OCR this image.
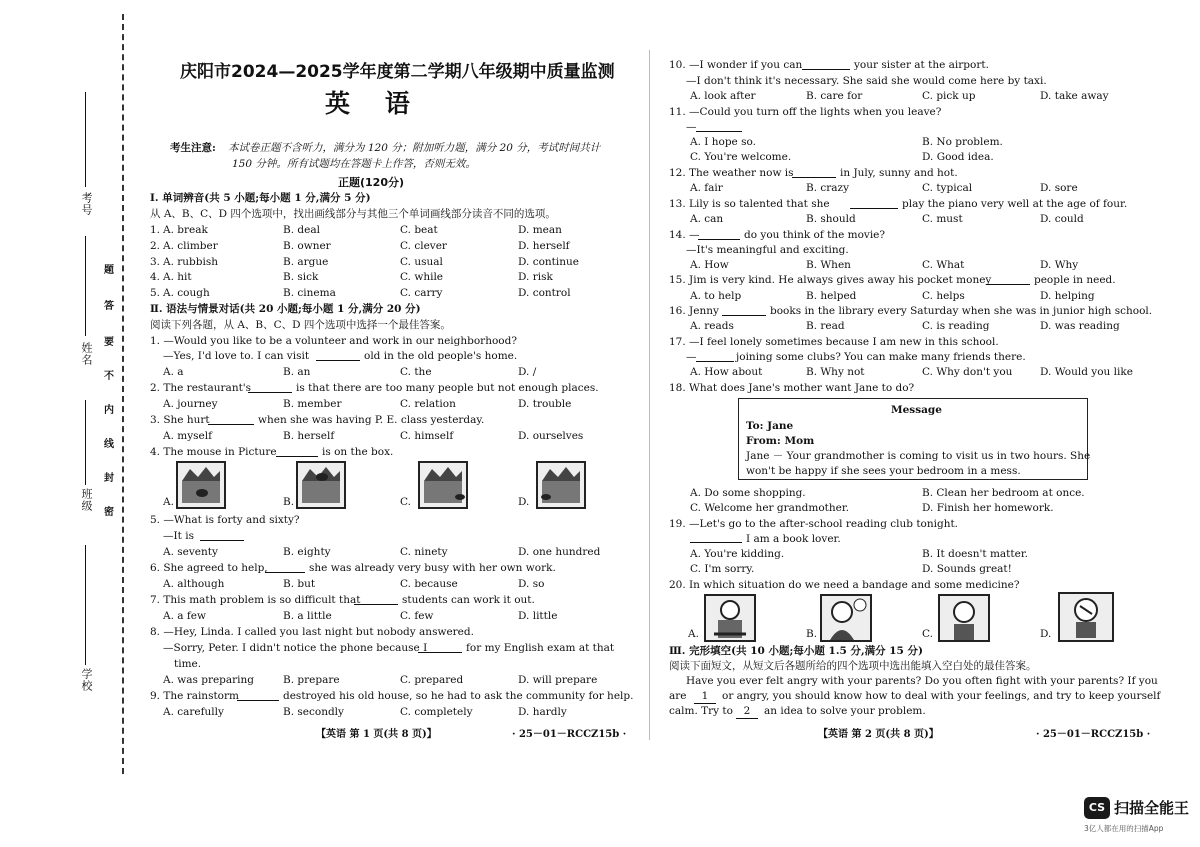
考号
姓名
班级
学校
题
答
要
不
内
线
封
密
庆阳市2024—2025学年度第二学期八年级期中质量监测
英    语
考生注意: 本试卷正题不含听力，满分为 120 分；附加听力题，满分 20 分，考试时间共计
150 分钟。所有试题均在答题卡上作答，否则无效。
正题(120分)
Ⅰ. 单词辨音(共 5 小题;每小题 1 分,满分 5 分)
从 A、B、C、D 四个选项中，找出画线部分与其他三个单词画线部分读音不同的选项。
1. A. break	B. deal	C. beat	D. mean
2. A. climber	B. owner	C. clever	D. herself
3. A. rubbish	B. argue	C. usual	D. continue
4. A. hit	B. sick	C. while	D. risk
5. A. cough	B. cinema	C. carry	D. control
Ⅱ. 语法与情景对话(共 20 小题;每小题 1 分,满分 20 分)
阅读下列各题，从 A、B、C、D 四个选项中选择一个最佳答案。
1. —Would you like to be a volunteer and work in our neighborhood?
—Yes, I'd love to. I can visit	old in the old people's home.
A. a	B. an	C. the	D. /
2. The restaurant's	is that there are too many people but not enough places.
A. journey	B. member	C. relation	D. trouble
3. She hurt	when she was having P. E. class yesterday.
A. myself	B. herself	C. himself	D. ourselves
4. The mouse in Picture	is on the box.
A.	B.	C.	D.
5. —What is forty and sixty?
—It is
A. seventy	B. eighty	C. ninety	D. one hundred
6. She agreed to help,	she was already very busy with her own work.
A. although	B. but	C. because	D. so
7. This math problem is so difficult that	students can work it out.
A. a few	B. a little	C. few	D. little
8. —Hey, Linda. I called you last night but nobody answered.
—Sorry, Peter. I didn't notice the phone because I	for my English exam at that
time.
A. was preparing	B. prepare	C. prepared	D. will prepare
9. The rainstorm	destroyed his old house, so he had to ask the community for help.
A. carefully	B. secondly	C. completely	D. hardly
【英语 第 1 页(共 8 页)】	· 25－01－RCCZ15b ·
10. —I wonder if you can	your sister at the airport.
—I don't think it's necessary. She said she would come here by taxi.
A. look after	B. care for	C. pick up	D. take away
11. —Could you turn off the lights when you leave?
—
A. I hope so.	B. No problem.
C. You're welcome.	D. Good idea.
12. The weather now is	in July, sunny and hot.
A. fair	B. crazy	C. typical	D. sore
13. Lily is so talented that she	play the piano very well at the age of four.
A. can	B. should	C. must	D. could
14. —	do you think of the movie?
—It's meaningful and exciting.
A. How	B. When	C. What	D. Why
15. Jim is very kind. He always gives away his pocket money	people in need.
A. to help	B. helped	C. helps	D. helping
16. Jenny	books in the library every Saturday when she was in junior high school.
A. reads	B. read	C. is reading	D. was reading
17. —I feel lonely sometimes because I am new in this school.
—	joining some clubs? You can make many friends there.
A. How about	B. Why not	C. Why don't you	D. Would you like
18. What does Jane's mother want Jane to do?
Message
To: Jane
From: Mom
Jane － Your grandmother is coming to visit us in two hours. She
won't be happy if she sees your bedroom in a mess.
A. Do some shopping.	B. Clean her bedroom at once.
C. Welcome her grandmother.	D. Finish her homework.
19. —Let's go to the after-school reading club tonight.
I am a book lover.
A. You're kidding.	B. It doesn't matter.
C. I'm sorry.	D. Sounds great!
20. In which situation do we need a bandage and some medicine?
A.	B.	C.	D.
Ⅲ. 完形填空(共 10 小题;每小题 1.5 分,满分 15 分)
阅读下面短文，从短文后各题所给的四个选项中选出能填入空白处的最佳答案。
Have you ever felt angry with your parents? Do you often fight with your parents? If you
are	1	or angry, you should know how to deal with your feelings, and try to keep yourself
calm. Try to	2	an idea to solve your problem.
【英语 第 2 页(共 8 页)】	· 25－01－RCCZ15b ·
CS 扫描全能王
3亿人都在用的扫描App
